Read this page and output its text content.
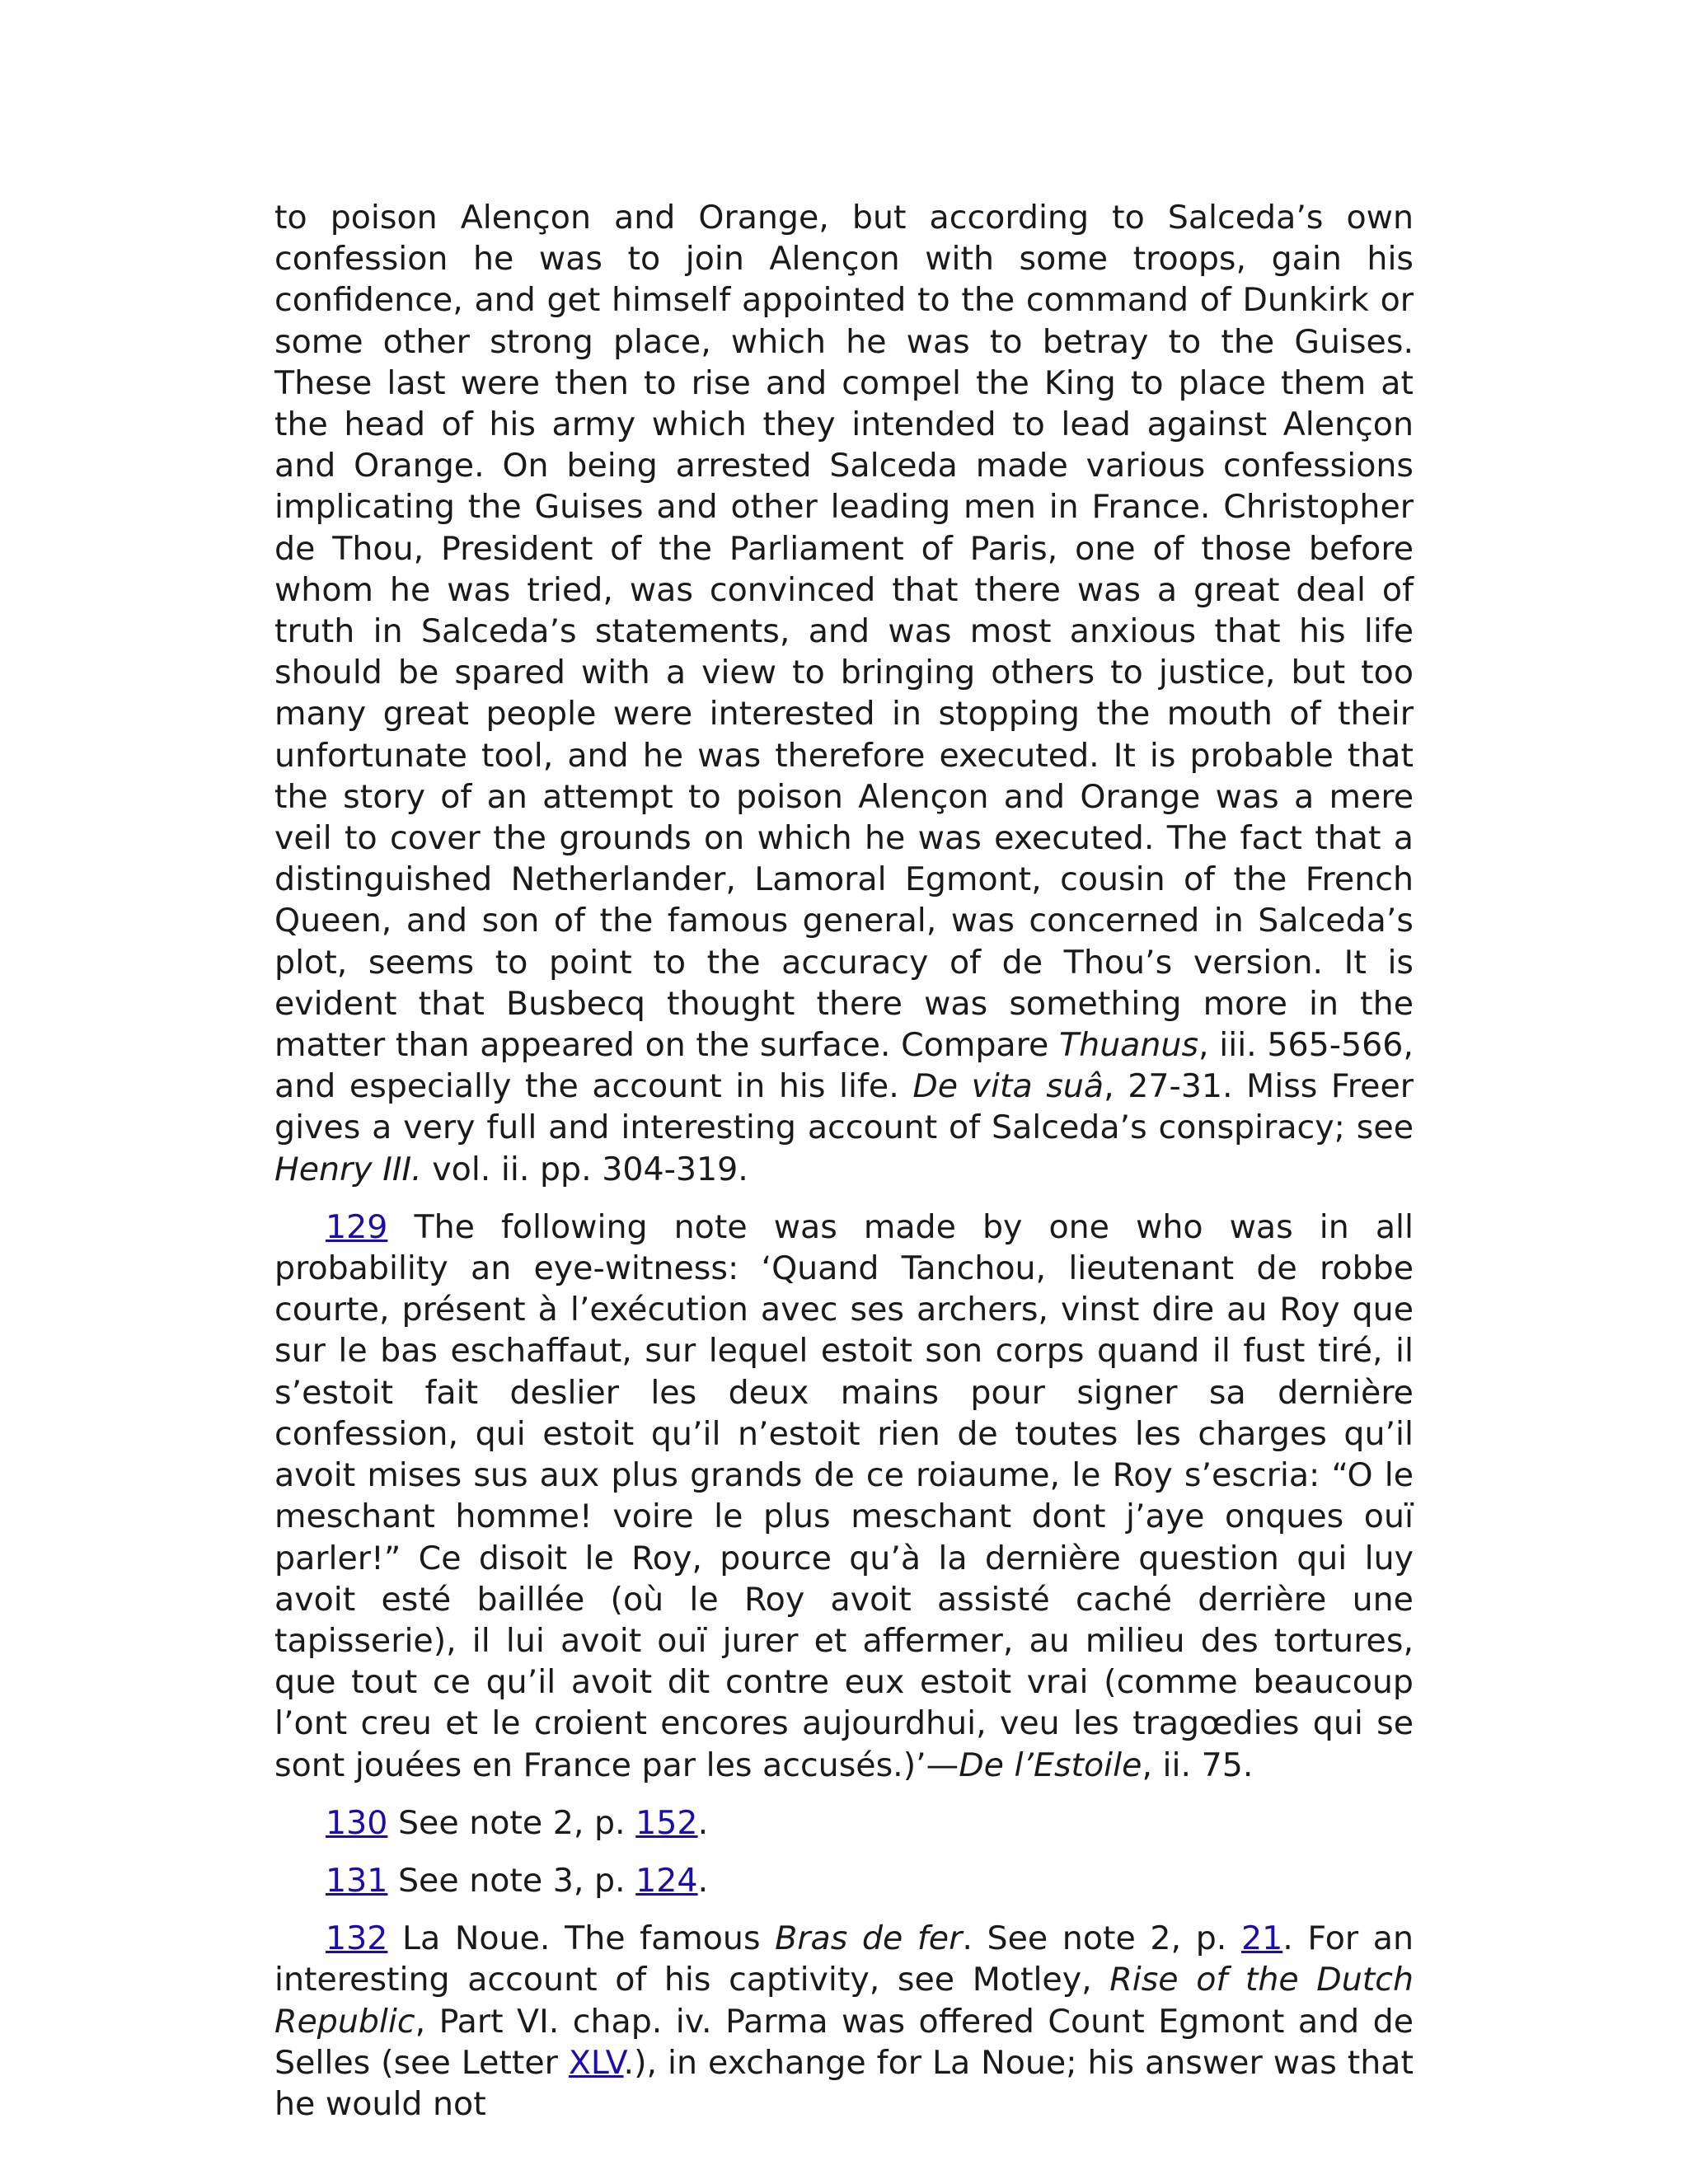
to poison Alençon and Orange, but according to Salceda’s own confession he was to join Alençon with some troops, gain his confidence, and get himself appointed to the command of Dunkirk or some other strong place, which he was to betray to the Guises. These last were then to rise and compel the King to place them at the head of his army which they intended to lead against Alençon and Orange. On being arrested Salceda made various confessions implicating the Guises and other leading men in France. Christopher de Thou, President of the Parliament of Paris, one of those before whom he was tried, was convinced that there was a great deal of truth in Salceda’s statements, and was most anxious that his life should be spared with a view to bringing others to justice, but too many great people were interested in stopping the mouth of their unfortunate tool, and he was therefore executed. It is probable that the story of an attempt to poison Alençon and Orange was a mere veil to cover the grounds on which he was executed. The fact that a distinguished Netherlander, Lamoral Egmont, cousin of the French Queen, and son of the famous general, was concerned in Salceda’s plot, seems to point to the accuracy of de Thou’s version. It is evident that Busbecq thought there was something more in the matter than appeared on the surface. Compare Thuanus, iii. 565-566, and especially the account in his life. De vita suâ, 27-31. Miss Freer gives a very full and interesting account of Salceda’s conspiracy; see Henry III. vol. ii. pp. 304-319.

129 The following note was made by one who was in all probability an eye-witness: ‘Quand Tanchou, lieutenant de robbe courte, présent à l’exécution avec ses archers, vinst dire au Roy que sur le bas eschaffaut, sur lequel estoit son corps quand il fust tiré, il s’estoit fait deslier les deux mains pour signer sa dernière confession, qui estoit qu’il n’estoit rien de toutes les charges qu’il avoit mises sus aux plus grands de ce roiaume, le Roy s’escria: “O le meschant homme! voire le plus meschant dont j’aye onques ouï parler!” Ce disoit le Roy, pource qu’à la dernière question qui luy avoit esté baillée (où le Roy avoit assisté caché derrière une tapisserie), il lui avoit ouï jurer et affermer, au milieu des tortures, que tout ce qu’il avoit dit contre eux estoit vrai (comme beaucoup l’ont creu et le croient encores aujourdhui, veu les tragœdies qui se sont jouées en France par les accusés.)’—De l’Estoile, ii. 75.

130 See note 2, p. 152.

131 See note 3, p. 124.

132 La Noue. The famous Bras de fer. See note 2, p. 21. For an interesting account of his captivity, see Motley, Rise of the Dutch Republic, Part VI. chap. iv. Parma was offered Count Egmont and de Selles (see Letter XLV.), in exchange for La Noue; his answer was that he would not
